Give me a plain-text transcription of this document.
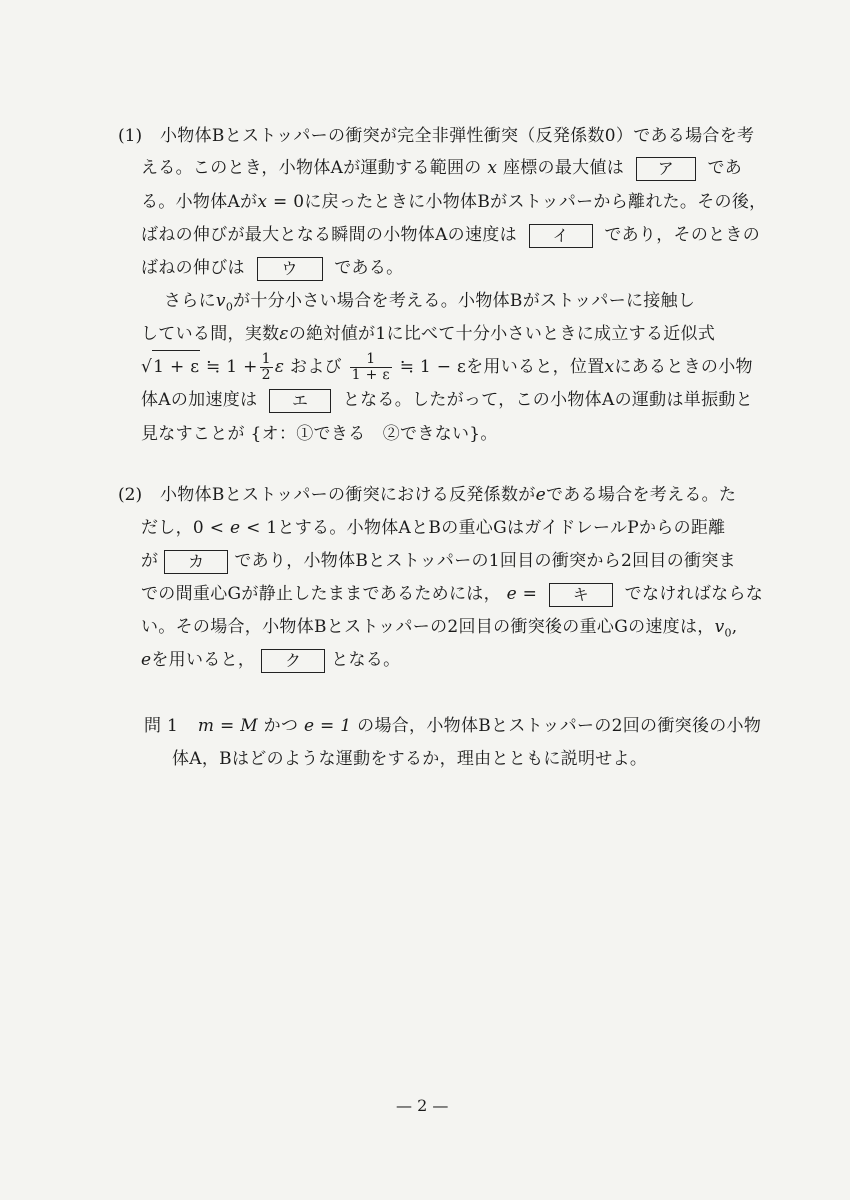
(1) 小物体Bとストッパーの衝突が完全非弾性衝突（反発係数0）である場合を考
える。このとき，小物体Aが運動する範囲の x 座標の最大値は ア であ
る。小物体Aがx = 0に戻ったときに小物体Bがストッパーから離れた。その後，
ばねの伸びが最大となる瞬間の小物体Aの速度は イ であり，そのときの
ばねの伸びは ウ である。
さらに$v_0$が十分小さい場合を考える。小物体Bがストッパーに接触し
している間，実数εの絶対値が1に比べて十分小さいときに成立する近似式
√1 + ε ≒ $1 + \frac{1}{2}$ ε および $\frac{1}{1 + \varepsilon}$ ≒ 1 − εを用いると，位置xにあるときの小物
体Aの加速度は エ となる。したがって，この小物体Aの運動は単振動と
見なすことが {オ：①できる　②できない}。
(2) 小物体Bとストッパーの衝突における反発係数がeである場合を考える。た
だし，0 < e < 1とする。小物体AとBの重心GはガイドレールPからの距離
が カ であり，小物体Bとストッパーの1回目の衝突から2回目の衝突ま
での間重心Gが静止したままであるためには， e = キ でなければならな
い。その場合，小物体Bとストッパーの2回目の衝突後の重心Gの速度は，$v_0$,
eを用いると， ク となる。
問 1 m = M かつ e = 1 の場合，小物体Bとストッパーの2回の衝突後の小物
体A，Bはどのような運動をするか，理由とともに説明せよ。
— 2 —
